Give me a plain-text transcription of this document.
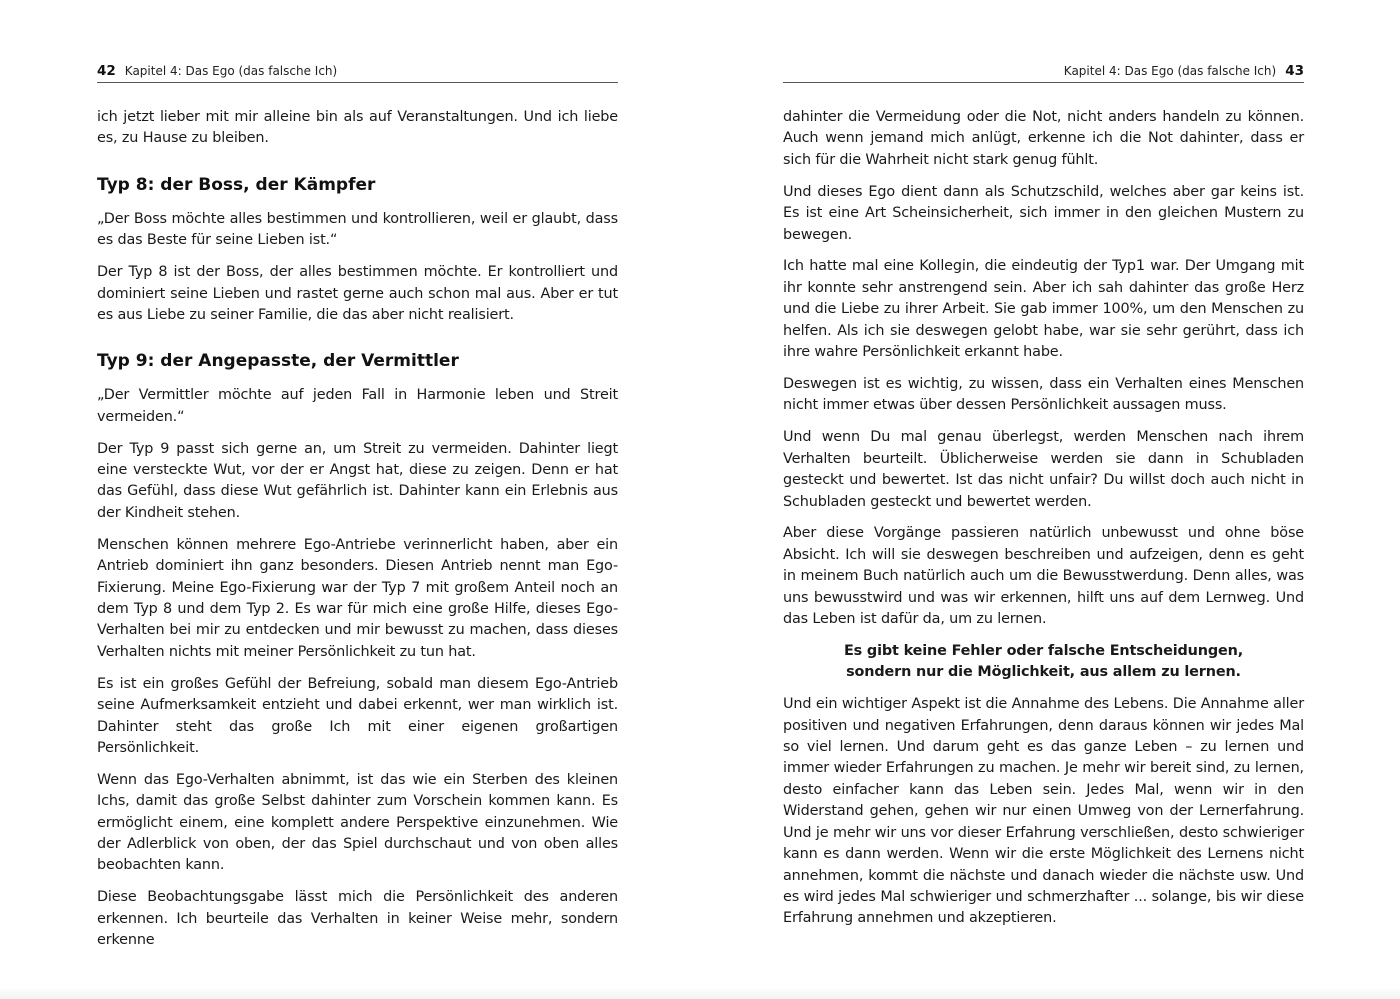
42 Kapitel 4: Das Ego (das falsche Ich)

ich jetzt lieber mit mir alleine bin als auf Veranstaltungen. Und ich liebe es, zu Hause zu bleiben.

Typ 8: der Boss, der Kämpfer

„Der Boss möchte alles bestimmen und kontrollieren, weil er glaubt, dass es das Beste für seine Lieben ist.“

Der Typ 8 ist der Boss, der alles bestimmen möchte. Er kontrolliert und dominiert seine Lieben und rastet gerne auch schon mal aus. Aber er tut es aus Liebe zu seiner Familie, die das aber nicht realisiert.

Typ 9: der Angepasste, der Vermittler

„Der Vermittler möchte auf jeden Fall in Harmonie leben und Streit vermeiden.“

Der Typ 9 passt sich gerne an, um Streit zu vermeiden. Dahinter liegt eine versteckte Wut, vor der er Angst hat, diese zu zeigen. Denn er hat das Gefühl, dass diese Wut gefährlich ist. Dahinter kann ein Erlebnis aus der Kindheit stehen.

Menschen können mehrere Ego-Antriebe verinnerlicht haben, aber ein Antrieb dominiert ihn ganz besonders. Diesen Antrieb nennt man Ego-Fixierung. Meine Ego-Fixierung war der Typ 7 mit großem Anteil noch an dem Typ 8 und dem Typ 2. Es war für mich eine große Hilfe, dieses Ego-Verhalten bei mir zu entdecken und mir bewusst zu machen, dass dieses Verhalten nichts mit meiner Persönlichkeit zu tun hat.

Es ist ein großes Gefühl der Befreiung, sobald man diesem Ego-Antrieb seine Aufmerksamkeit entzieht und dabei erkennt, wer man wirklich ist. Dahinter steht das große Ich mit einer eigenen großartigen Persönlichkeit.

Wenn das Ego-Verhalten abnimmt, ist das wie ein Sterben des kleinen Ichs, damit das große Selbst dahinter zum Vorschein kommen kann. Es ermöglicht einem, eine komplett andere Perspektive einzunehmen. Wie der Adlerblick von oben, der das Spiel durchschaut und von oben alles beobachten kann.

Diese Beobachtungsgabe lässt mich die Persönlichkeit des anderen erkennen. Ich beurteile das Verhalten in keiner Weise mehr, sondern erkenne

Kapitel 4: Das Ego (das falsche Ich) 43

dahinter die Vermeidung oder die Not, nicht anders handeln zu können. Auch wenn jemand mich anlügt, erkenne ich die Not dahinter, dass er sich für die Wahrheit nicht stark genug fühlt.

Und dieses Ego dient dann als Schutzschild, welches aber gar keins ist. Es ist eine Art Scheinsicherheit, sich immer in den gleichen Mustern zu bewegen.

Ich hatte mal eine Kollegin, die eindeutig der Typ1 war. Der Umgang mit ihr konnte sehr anstrengend sein. Aber ich sah dahinter das große Herz und die Liebe zu ihrer Arbeit. Sie gab immer 100%, um den Menschen zu helfen. Als ich sie deswegen gelobt habe, war sie sehr gerührt, dass ich ihre wahre Persönlichkeit erkannt habe.

Deswegen ist es wichtig, zu wissen, dass ein Verhalten eines Menschen nicht immer etwas über dessen Persönlichkeit aussagen muss.

Und wenn Du mal genau überlegst, werden Menschen nach ihrem Verhalten beurteilt. Üblicherweise werden sie dann in Schubladen gesteckt und bewertet. Ist das nicht unfair? Du willst doch auch nicht in Schubladen gesteckt und bewertet werden.

Aber diese Vorgänge passieren natürlich unbewusst und ohne böse Absicht. Ich will sie deswegen beschreiben und aufzeigen, denn es geht in meinem Buch natürlich auch um die Bewusstwerdung. Denn alles, was uns bewusstwird und was wir erkennen, hilft uns auf dem Lernweg. Und das Leben ist dafür da, um zu lernen.

Es gibt keine Fehler oder falsche Entscheidungen,
sondern nur die Möglichkeit, aus allem zu lernen.

Und ein wichtiger Aspekt ist die Annahme des Lebens. Die Annahme aller positiven und negativen Erfahrungen, denn daraus können wir jedes Mal so viel lernen. Und darum geht es das ganze Leben – zu lernen und immer wieder Erfahrungen zu machen. Je mehr wir bereit sind, zu lernen, desto einfacher kann das Leben sein. Jedes Mal, wenn wir in den Widerstand gehen, gehen wir nur einen Umweg von der Lernerfahrung. Und je mehr wir uns vor dieser Erfahrung verschließen, desto schwieriger kann es dann werden. Wenn wir die erste Möglichkeit des Lernens nicht annehmen, kommt die nächste und danach wieder die nächste usw. Und es wird jedes Mal schwieriger und schmerzhafter ... solange, bis wir diese Erfahrung annehmen und akzeptieren.
